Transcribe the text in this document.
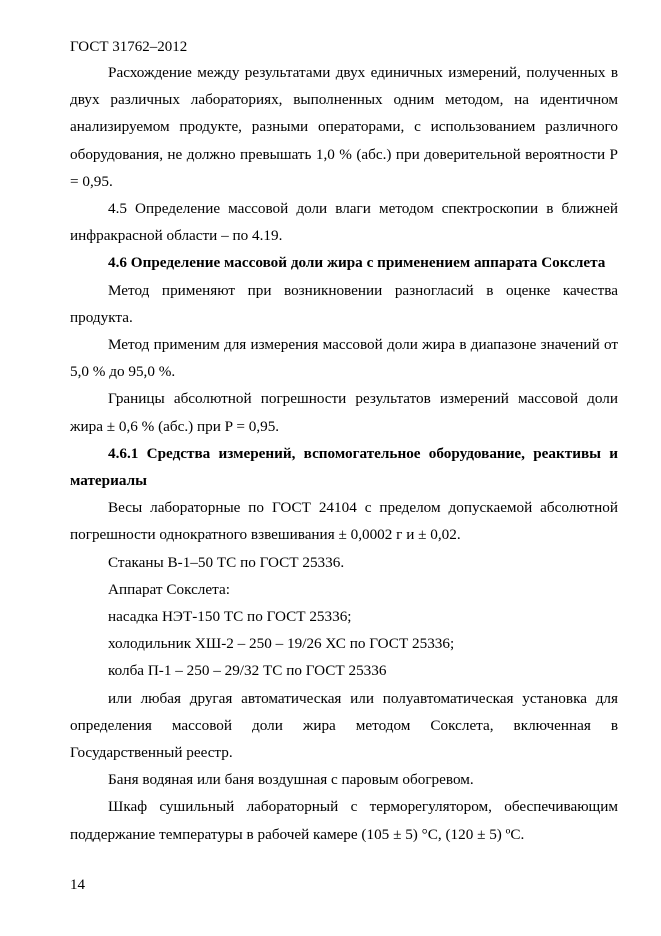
ГОСТ 31762–2012

Расхождение между результатами двух единичных измерений, полученных в двух различных лабораториях, выполненных одним методом, на идентичном анализируемом продукте, разными операторами, с использованием различного оборудования, не должно превышать 1,0 % (абс.) при доверительной вероятности P = 0,95.

4.5 Определение массовой доли влаги методом спектроскопии в ближней инфракрасной области – по 4.19.

4.6 Определение массовой доли жира с применением аппарата Сокслета

Метод применяют при возникновении разногласий в оценке качества продукта.

Метод применим для измерения массовой доли жира в диапазоне значений от 5,0 % до 95,0 %.

Границы абсолютной погрешности результатов измерений массовой доли жира ± 0,6 % (абс.) при P = 0,95.

4.6.1 Средства измерений, вспомогательное оборудование, реактивы и материалы

Весы лабораторные по ГОСТ 24104 с пределом допускаемой абсолютной погрешности однократного взвешивания ± 0,0002 г и ± 0,02.

Стаканы В-1–50 ТС по ГОСТ 25336.

Аппарат Сокслета:

насадка НЭТ-150 ТС по ГОСТ 25336;

холодильник ХШ-2 – 250 – 19/26 ХС по ГОСТ 25336;

колба П-1 – 250 – 29/32 ТС по ГОСТ 25336

или любая другая автоматическая или полуавтоматическая установка для определения массовой доли жира методом Сокслета, включенная в Государственный реестр.

Баня водяная или баня воздушная с паровым обогревом.

Шкаф сушильный лабораторный с терморегулятором, обеспечивающим поддержание температуры в рабочей камере (105 ± 5) °С, (120 ± 5) ºС.

14
